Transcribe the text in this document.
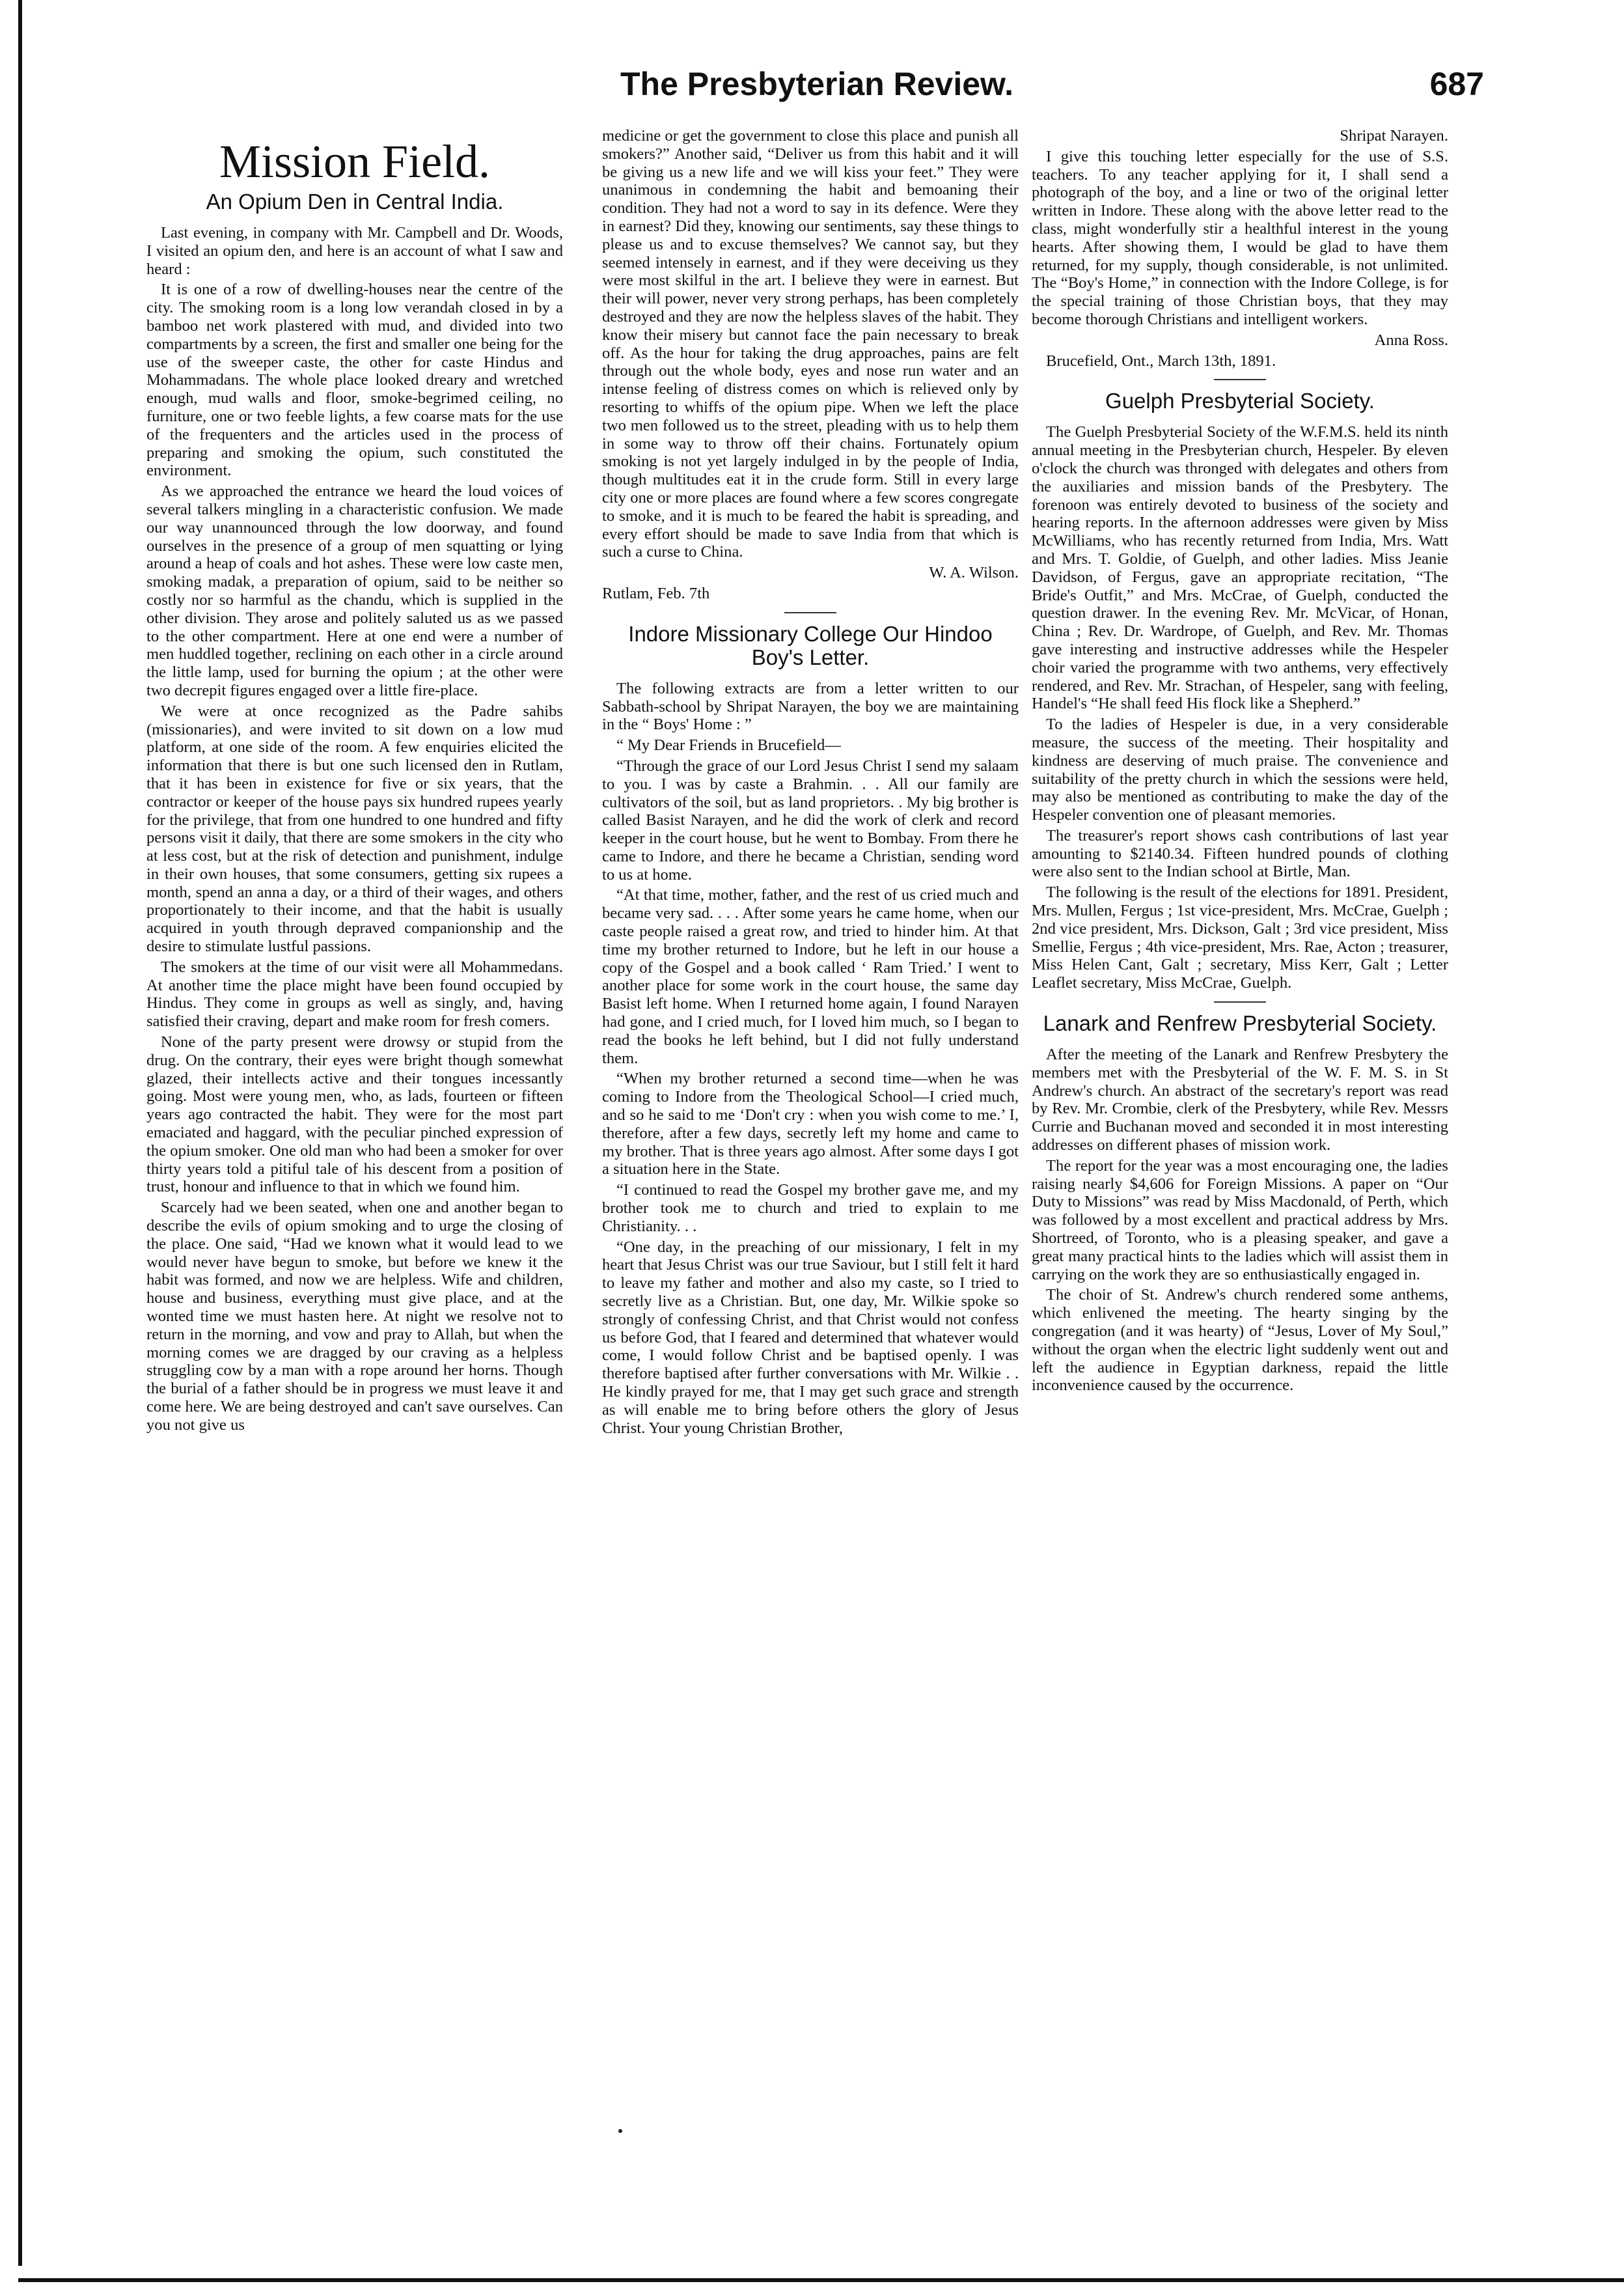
The Presbyterian Review.	687
Mission Field.
An Opium Den in Central India.

Last evening, in company with Mr. Campbell and Dr. Woods, I visited an opium den, and here is an account of what I saw and heard :

It is one of a row of dwelling-houses near the centre of the city. The smoking room is a long low verandah closed in by a bamboo net work plastered with mud, and divided into two compartments by a screen, the first and smaller one being for the use of the sweeper caste, the other for caste Hindus and Mohammadans. The whole place looked dreary and wretched enough, mud walls and floor, smoke-begrimed ceiling, no furniture, one or two feeble lights, a few coarse mats for the use of the frequenters and the articles used in the process of preparing and smoking the opium, such constituted the environment.

As we approached the entrance we heard the loud voices of several talkers mingling in a characteristic confusion. We made our way unannounced through the low doorway, and found ourselves in the presence of a group of men squatting or lying around a heap of coals and hot ashes. These were low caste men, smoking madak, a preparation of opium, said to be neither so costly nor so harmful as the chandu, which is supplied in the other division. They arose and politely saluted us as we passed to the other compartment. Here at one end were a number of men huddled together, reclining on each other in a circle around the little lamp, used for burning the opium ; at the other were two decrepit figures engaged over a little fire-place.

We were at once recognized as the Padre sahibs (missionaries), and were invited to sit down on a low mud platform, at one side of the room. A few enquiries elicited the information that there is but one such licensed den in Rutlam, that it has been in existence for five or six years, that the contractor or keeper of the house pays six hundred rupees yearly for the privilege, that from one hundred to one hundred and fifty persons visit it daily, that there are some smokers in the city who at less cost, but at the risk of detection and punishment, indulge in their own houses, that some consumers, getting six rupees a month, spend an anna a day, or a third of their wages, and others proportionately to their income, and that the habit is usually acquired in youth through depraved companionship and the desire to stimulate lustful passions.

The smokers at the time of our visit were all Mohammedans. At another time the place might have been found occupied by Hindus. They come in groups as well as singly, and, having satisfied their craving, depart and make room for fresh comers.

None of the party present were drowsy or stupid from the drug. On the contrary, their eyes were bright though somewhat glazed, their intellects active and their tongues incessantly going. Most were young men, who, as lads, fourteen or fifteen years ago contracted the habit. They were for the most part emaciated and haggard, with the peculiar pinched expression of the opium smoker. One old man who had been a smoker for over thirty years told a pitiful tale of his descent from a position of trust, honour and influence to that in which we found him.

Scarcely had we been seated, when one and another began to describe the evils of opium smoking and to urge the closing of the place. One said, “Had we known what it would lead to we would never have begun to smoke, but before we knew it the habit was formed, and now we are helpless. Wife and children, house and business, everything must give place, and at the wonted time we must hasten here. At night we resolve not to return in the morning, and vow and pray to Allah, but when the morning comes we are dragged by our craving as a helpless struggling cow by a man with a rope around her horns. Though the burial of a father should be in progress we must leave it and come here. We are being destroyed and can't save ourselves. Can you not give us

medicine or get the government to close this place and punish all smokers?” Another said, “Deliver us from this habit and it will be giving us a new life and we will kiss your feet.” They were unanimous in condemning the habit and bemoaning their condition. They had not a word to say in its defence. Were they in earnest? Did they, knowing our sentiments, say these things to please us and to excuse themselves? We cannot say, but they seemed intensely in earnest, and if they were deceiving us they were most skilful in the art. I believe they were in earnest. But their will power, never very strong perhaps, has been completely destroyed and they are now the helpless slaves of the habit. They know their misery but cannot face the pain necessary to break off. As the hour for taking the drug approaches, pains are felt through out the whole body, eyes and nose run water and an intense feeling of distress comes on which is relieved only by resorting to whiffs of the opium pipe. When we left the place two men followed us to the street, pleading with us to help them in some way to throw off their chains. Fortunately opium smoking is not yet largely indulged in by the people of India, though multitudes eat it in the crude form. Still in every large city one or more places are found where a few scores congregate to smoke, and it is much to be feared the habit is spreading, and every effort should be made to save India from that which is such a curse to China.

W. A. Wilson.

Rutlam, Feb. 7th

Indore Missionary College Our Hindoo Boy's Letter.

The following extracts are from a letter written to our Sabbath-school by Shripat Narayen, the boy we are maintaining in the “ Boys' Home : ”

“ My Dear Friends in Brucefield—

“Through the grace of our Lord Jesus Christ I send my salaam to you. I was by caste a Brahmin. . . All our family are cultivators of the soil, but as land proprietors. . My big brother is called Basist Narayen, and he did the work of clerk and record keeper in the court house, but he went to Bombay. From there he came to Indore, and there he became a Christian, sending word to us at home.

“At that time, mother, father, and the rest of us cried much and became very sad. . . . After some years he came home, when our caste people raised a great row, and tried to hinder him. At that time my brother returned to Indore, but he left in our house a copy of the Gospel and a book called ‘ Ram Tried.’ I went to another place for some work in the court house, the same day Basist left home. When I returned home again, I found Narayen had gone, and I cried much, for I loved him much, so I began to read the books he left behind, but I did not fully understand them.

“When my brother returned a second time—when he was coming to Indore from the Theological School—I cried much, and so he said to me ‘Don't cry : when you wish come to me.’ I, therefore, after a few days, secretly left my home and came to my brother. That is three years ago almost. After some days I got a situation here in the State.

“I continued to read the Gospel my brother gave me, and my brother took me to church and tried to explain to me Christianity. . .

“One day, in the preaching of our missionary, I felt in my heart that Jesus Christ was our true Saviour, but I still felt it hard to leave my father and mother and also my caste, so I tried to secretly live as a Christian. But, one day, Mr. Wilkie spoke so strongly of confessing Christ, and that Christ would not confess us before God, that I feared and determined that whatever would come, I would follow Christ and be baptised openly. I was therefore baptised after further conversations with Mr. Wilkie . . He kindly prayed for me, that I may get such grace and strength as will enable me to bring before others the glory of Jesus Christ. Your young Christian Brother,

Shripat Narayen.

I give this touching letter especially for the use of S.S. teachers. To any teacher applying for it, I shall send a photograph of the boy, and a line or two of the original letter written in Indore. These along with the above letter read to the class, might wonderfully stir a healthful interest in the young hearts. After showing them, I would be glad to have them returned, for my supply, though considerable, is not unlimited. The “Boy's Home,” in connection with the Indore College, is for the special training of those Christian boys, that they may become thorough Christians and intelligent workers.

Anna Ross.

Brucefield, Ont., March 13th, 1891.

Guelph Presbyterial Society.

The Guelph Presbyterial Society of the W.F.M.S. held its ninth annual meeting in the Presbyterian church, Hespeler. By eleven o'clock the church was thronged with delegates and others from the auxiliaries and mission bands of the Presbytery. The forenoon was entirely devoted to business of the society and hearing reports. In the afternoon addresses were given by Miss McWilliams, who has recently returned from India, Mrs. Watt and Mrs. T. Goldie, of Guelph, and other ladies. Miss Jeanie Davidson, of Fergus, gave an appropriate recitation, “The Bride's Outfit,” and Mrs. McCrae, of Guelph, conducted the question drawer. In the evening Rev. Mr. McVicar, of Honan, China ; Rev. Dr. Wardrope, of Guelph, and Rev. Mr. Thomas gave interesting and instructive addresses while the Hespeler choir varied the programme with two anthems, very effectively rendered, and Rev. Mr. Strachan, of Hespeler, sang with feeling, Handel's “He shall feed His flock like a Shepherd.”

To the ladies of Hespeler is due, in a very considerable measure, the success of the meeting. Their hospitality and kindness are deserving of much praise. The convenience and suitability of the pretty church in which the sessions were held, may also be mentioned as contributing to make the day of the Hespeler convention one of pleasant memories.

The treasurer's report shows cash contributions of last year amounting to $2140.34. Fifteen hundred pounds of clothing were also sent to the Indian school at Birtle, Man.

The following is the result of the elections for 1891. President, Mrs. Mullen, Fergus ; 1st vice-president, Mrs. McCrae, Guelph ; 2nd vice president, Mrs. Dickson, Galt ; 3rd vice president, Miss Smellie, Fergus ; 4th vice-president, Mrs. Rae, Acton ; treasurer, Miss Helen Cant, Galt ; secretary, Miss Kerr, Galt ; Letter Leaflet secretary, Miss McCrae, Guelph.

Lanark and Renfrew Presbyterial Society.

After the meeting of the Lanark and Renfrew Presbytery the members met with the Presbyterial of the W. F. M. S. in St Andrew's church. An abstract of the secretary's report was read by Rev. Mr. Crombie, clerk of the Presbytery, while Rev. Messrs Currie and Buchanan moved and seconded it in most interesting addresses on different phases of mission work.

The report for the year was a most encouraging one, the ladies raising nearly $4,606 for Foreign Missions. A paper on “Our Duty to Missions” was read by Miss Macdonald, of Perth, which was followed by a most excellent and practical address by Mrs. Shortreed, of Toronto, who is a pleasing speaker, and gave a great many practical hints to the ladies which will assist them in carrying on the work they are so enthusiastically engaged in.

The choir of St. Andrew's church rendered some anthems, which enlivened the meeting. The hearty singing by the congregation (and it was hearty) of “Jesus, Lover of My Soul,” without the organ when the electric light suddenly went out and left the audience in Egyptian darkness, repaid the little inconvenience caused by the occurrence.
